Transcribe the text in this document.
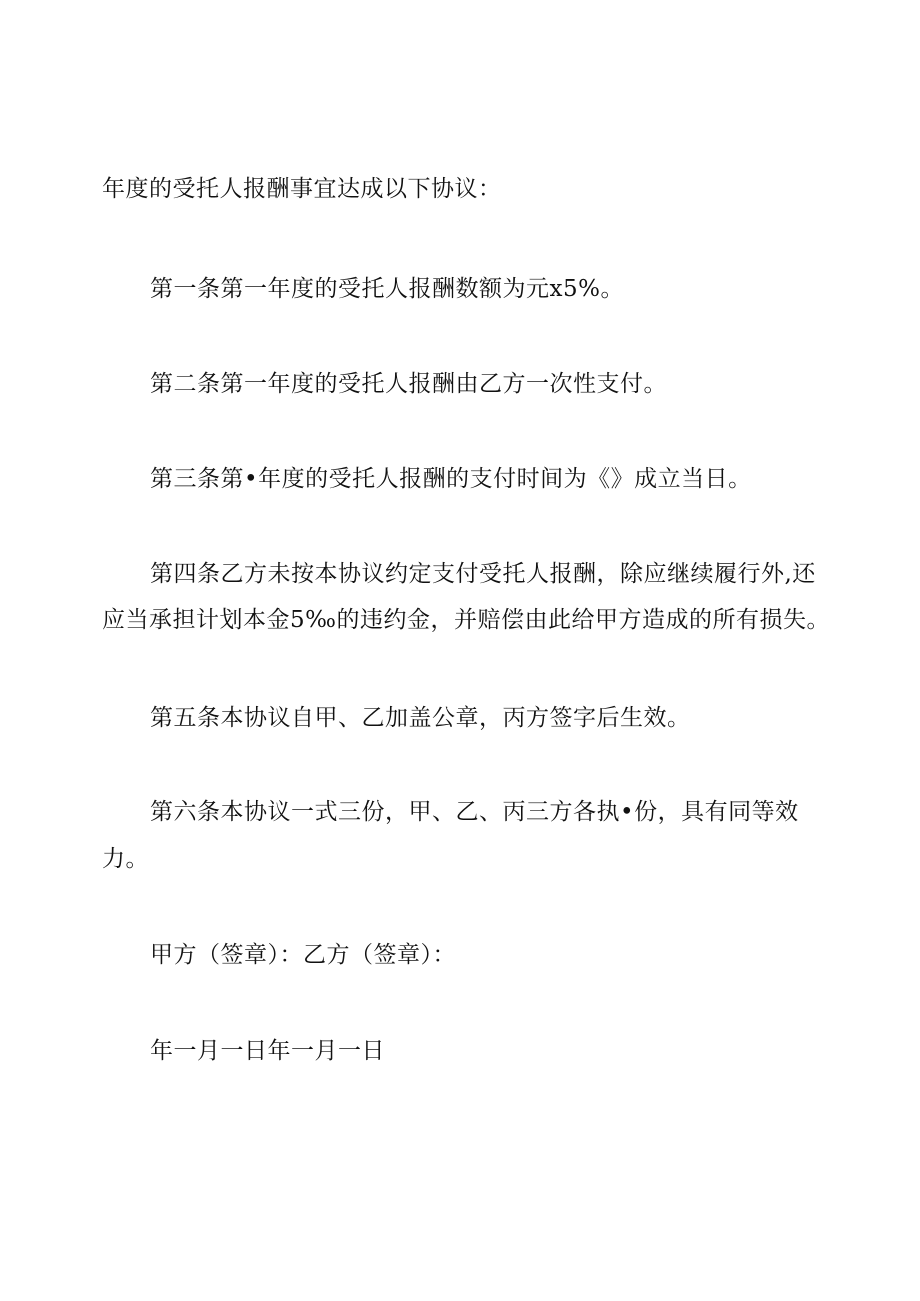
年度的受托人报酬事宜达成以下协议：
第一条第一年度的受托人报酬数额为元x5%。
第二条第一年度的受托人报酬由乙方一次性支付。
第三条第•年度的受托人报酬的支付时间为《》成立当日。
第四条乙方未按本协议约定支付受托人报酬，除应继续履行外,还
应当承担计划本金5‰的违约金，并赔偿由此给甲方造成的所有损失。
第五条本协议自甲、乙加盖公章，丙方签字后生效。
第六条本协议一式三份，甲、乙、丙三方各执•份，具有同等效
力。
甲方（签章）：乙方（签章）：
年一月一日年一月一日
